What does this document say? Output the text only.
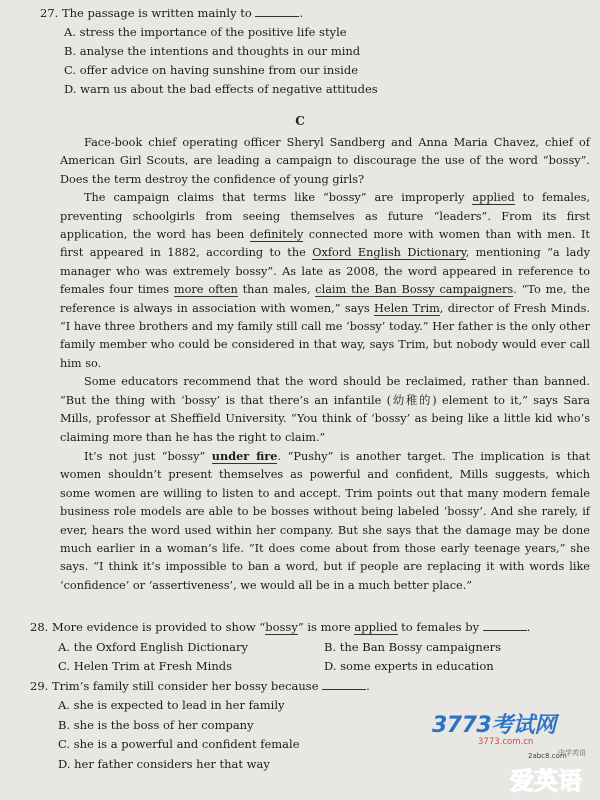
27. The passage is written mainly to	.

A. stress the importance of the positive life style

B. analyse the intentions and thoughts in our mind

C. offer advice on having sunshine from our inside

D. warn us about the bad effects of negative attitudes

C

Face-book chief operating officer Sheryl Sandberg and Anna Maria Chavez, chief of American Girl Scouts, are leading a campaign to discourage the use of the word “bossy”. Does the term destroy the confidence of young girls?

The campaign claims that terms like “bossy” are improperly applied to females, preventing schoolgirls from seeing themselves as future “leaders”. From its first application, the word has been definitely connected more with women than with men. It first appeared in 1882, according to the Oxford English Dictionary, mentioning “a lady manager who was extremely bossy”. As late as 2008, the word appeared in reference to females four times more often than males, claim the Ban Bossy campaigners. “To me, the reference is always in association with women,” says Helen Trim, director of Fresh Minds. “I have three brothers and my family still call me ‘bossy’ today.” Her father is the only other family member who could be considered in that way, says Trim, but nobody would ever call him so.

Some educators recommend that the word should be reclaimed, rather than banned. “But the thing with ‘bossy’ is that there’s an infantile (幼稚的) element to it,” says Sara Mills, professor at Sheffield University. “You think of ‘bossy’ as being like a little kid who’s claiming more than he has the right to claim.”

It’s not just “bossy” under fire. “Pushy” is another target. The implication is that women shouldn’t present themselves as powerful and confident, Mills suggests, which some women are willing to listen to and accept. Trim points out that many modern female business role models are able to be bosses without being labeled ‘bossy’. And she rarely, if ever, hears the word used within her company. But she says that the damage may be done much earlier in a woman’s life. “It does come about from those early teenage years,” she says. “I think it’s impossible to ban a word, but if people are replacing it with words like ‘confidence’ or ‘assertiveness’, we would all be in a much better place.”

28. More evidence is provided to show “bossy” is more applied to females by	.

A. the Oxford English Dictionary	B. the Ban Bossy campaigners
C. Helen Trim at Fresh Minds	D. some experts in education

29. Trim’s family still consider her bossy because	.

A. she is expected to lead in her family

B. she is the boss of her company

C. she is a powerful and confident female

D. her father considers her that way

3773考试网
3773.com.cn
中学英语
2abc8.com
爱英语
